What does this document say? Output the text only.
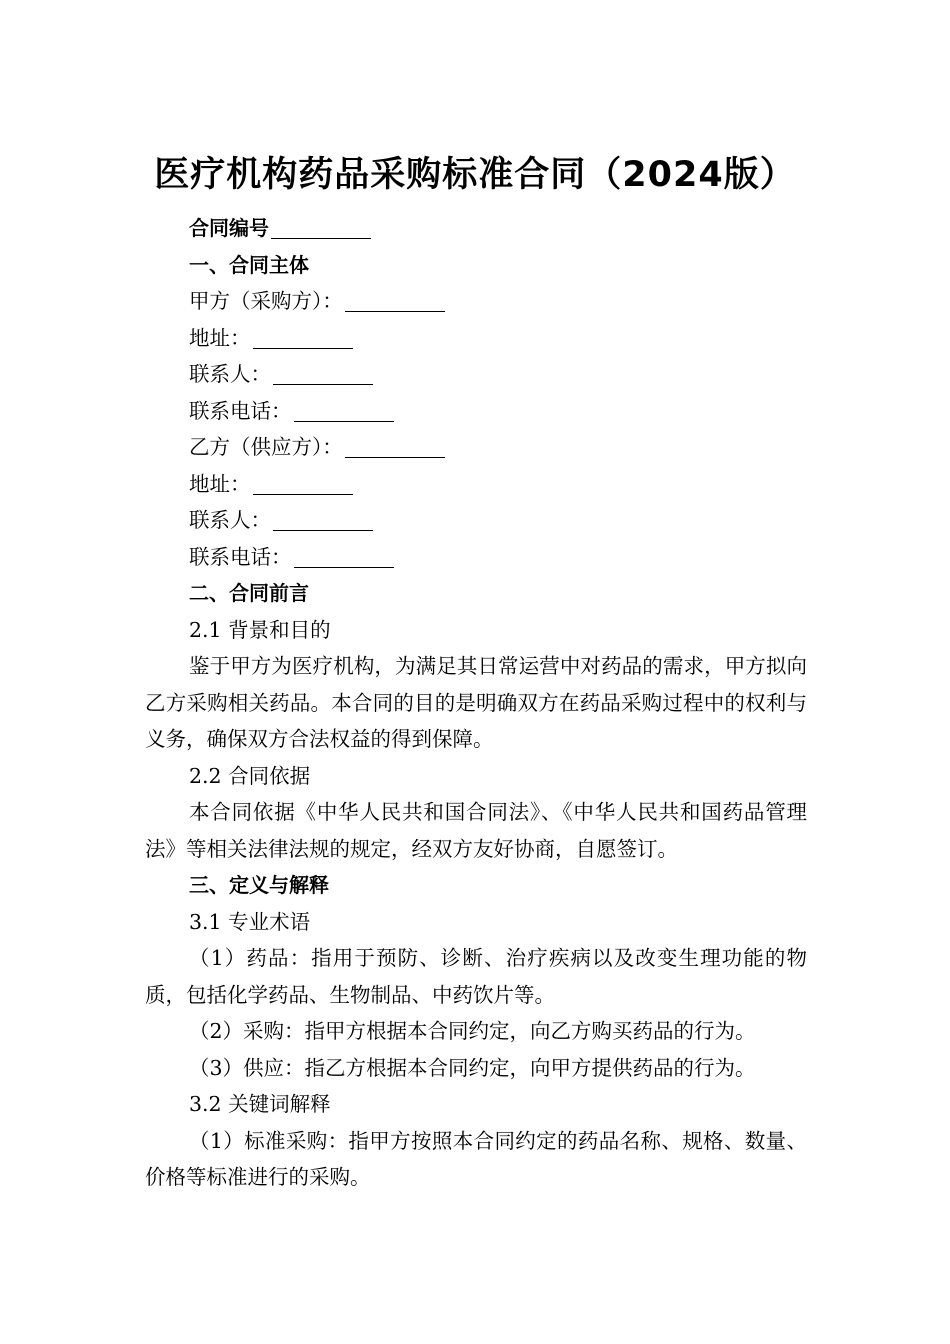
医疗机构药品采购标准合同（2024版）

合同编号

一、合同主体

甲方（采购方）：

地址：

联系人：

联系电话：

乙方（供应方）：

地址：

联系人：

联系电话：

二、合同前言

2.1 背景和目的

鉴于甲方为医疗机构，为满足其日常运营中对药品的需求，甲方拟向乙方采购相关药品。本合同的目的是明确双方在药品采购过程中的权利与义务，确保双方合法权益的得到保障。

2.2 合同依据

本合同依据《中华人民共和国合同法》、《中华人民共和国药品管理法》等相关法律法规的规定，经双方友好协商，自愿签订。

三、定义与解释

3.1 专业术语

（1）药品：指用于预防、诊断、治疗疾病以及改变生理功能的物质，包括化学药品、生物制品、中药饮片等。

（2）采购：指甲方根据本合同约定，向乙方购买药品的行为。

（3）供应：指乙方根据本合同约定，向甲方提供药品的行为。

3.2 关键词解释

（1）标准采购：指甲方按照本合同约定的药品名称、规格、数量、价格等标准进行的采购。
